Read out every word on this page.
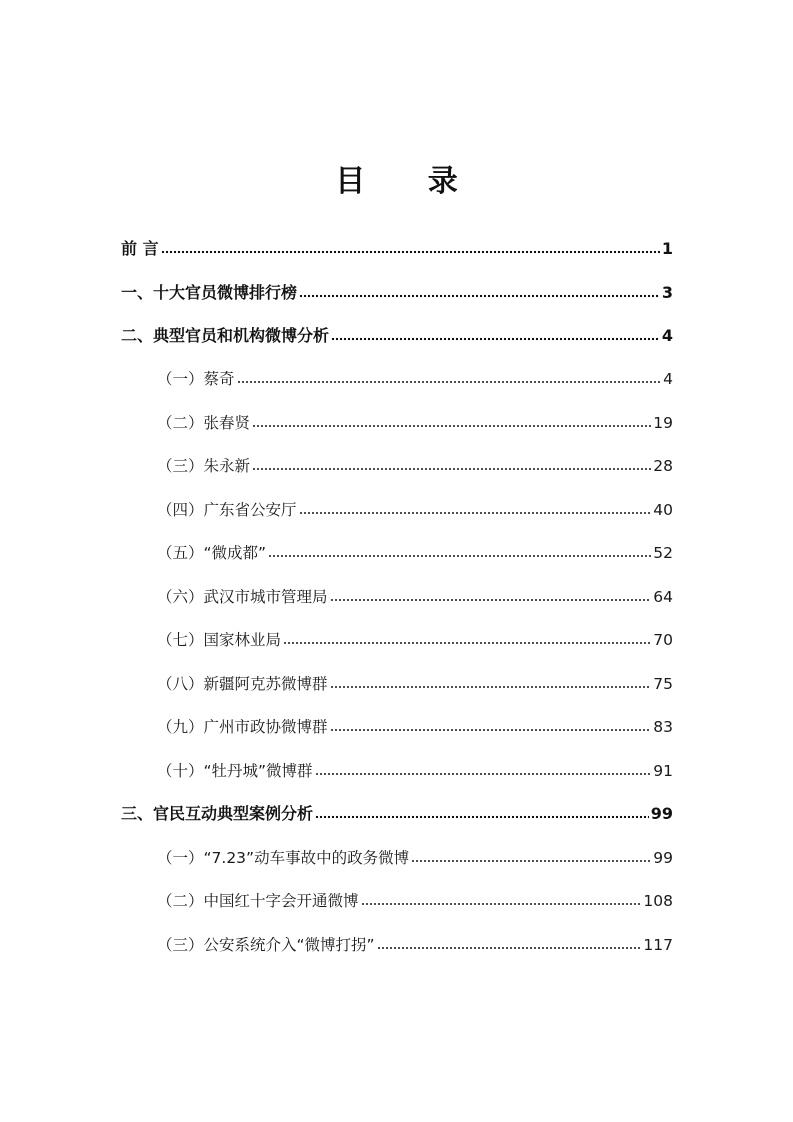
目 录
前 言	1
一、十大官员微博排行榜	3
二、典型官员和机构微博分析	4
（一）蔡奇	4
（二）张春贤	19
（三）朱永新	28
（四）广东省公安厅	40
（五）“微成都”	52
（六）武汉市城市管理局	64
（七）国家林业局	70
（八）新疆阿克苏微博群	75
（九）广州市政协微博群	83
（十）“牡丹城”微博群	91
三、官民互动典型案例分析	99
（一）“7.23”动车事故中的政务微博	99
（二）中国红十字会开通微博	108
（三）公安系统介入“微博打拐”	117
